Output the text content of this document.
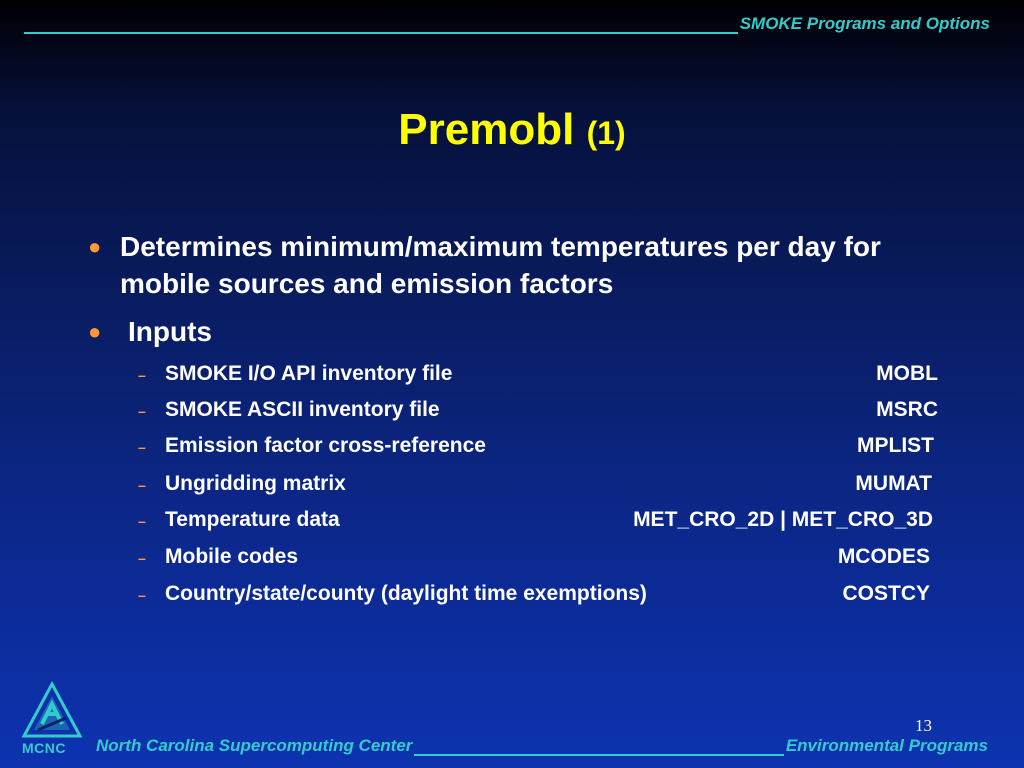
SMOKE Programs and Options
Premobl (1)
● Determines minimum/maximum temperatures per day for mobile sources and emission factors
● Inputs
– SMOKE I/O API inventory file	MOBL
– SMOKE ASCII inventory file	MSRC
– Emission factor cross-reference	MPLIST
– Ungridding matrix	MUMAT
– Temperature data	MET_CRO_2D | MET_CRO_3D
– Mobile codes	MCODES
– Country/state/county (daylight time exemptions)	COSTCY
13
MCNC North Carolina Supercomputing Center	Environmental Programs
